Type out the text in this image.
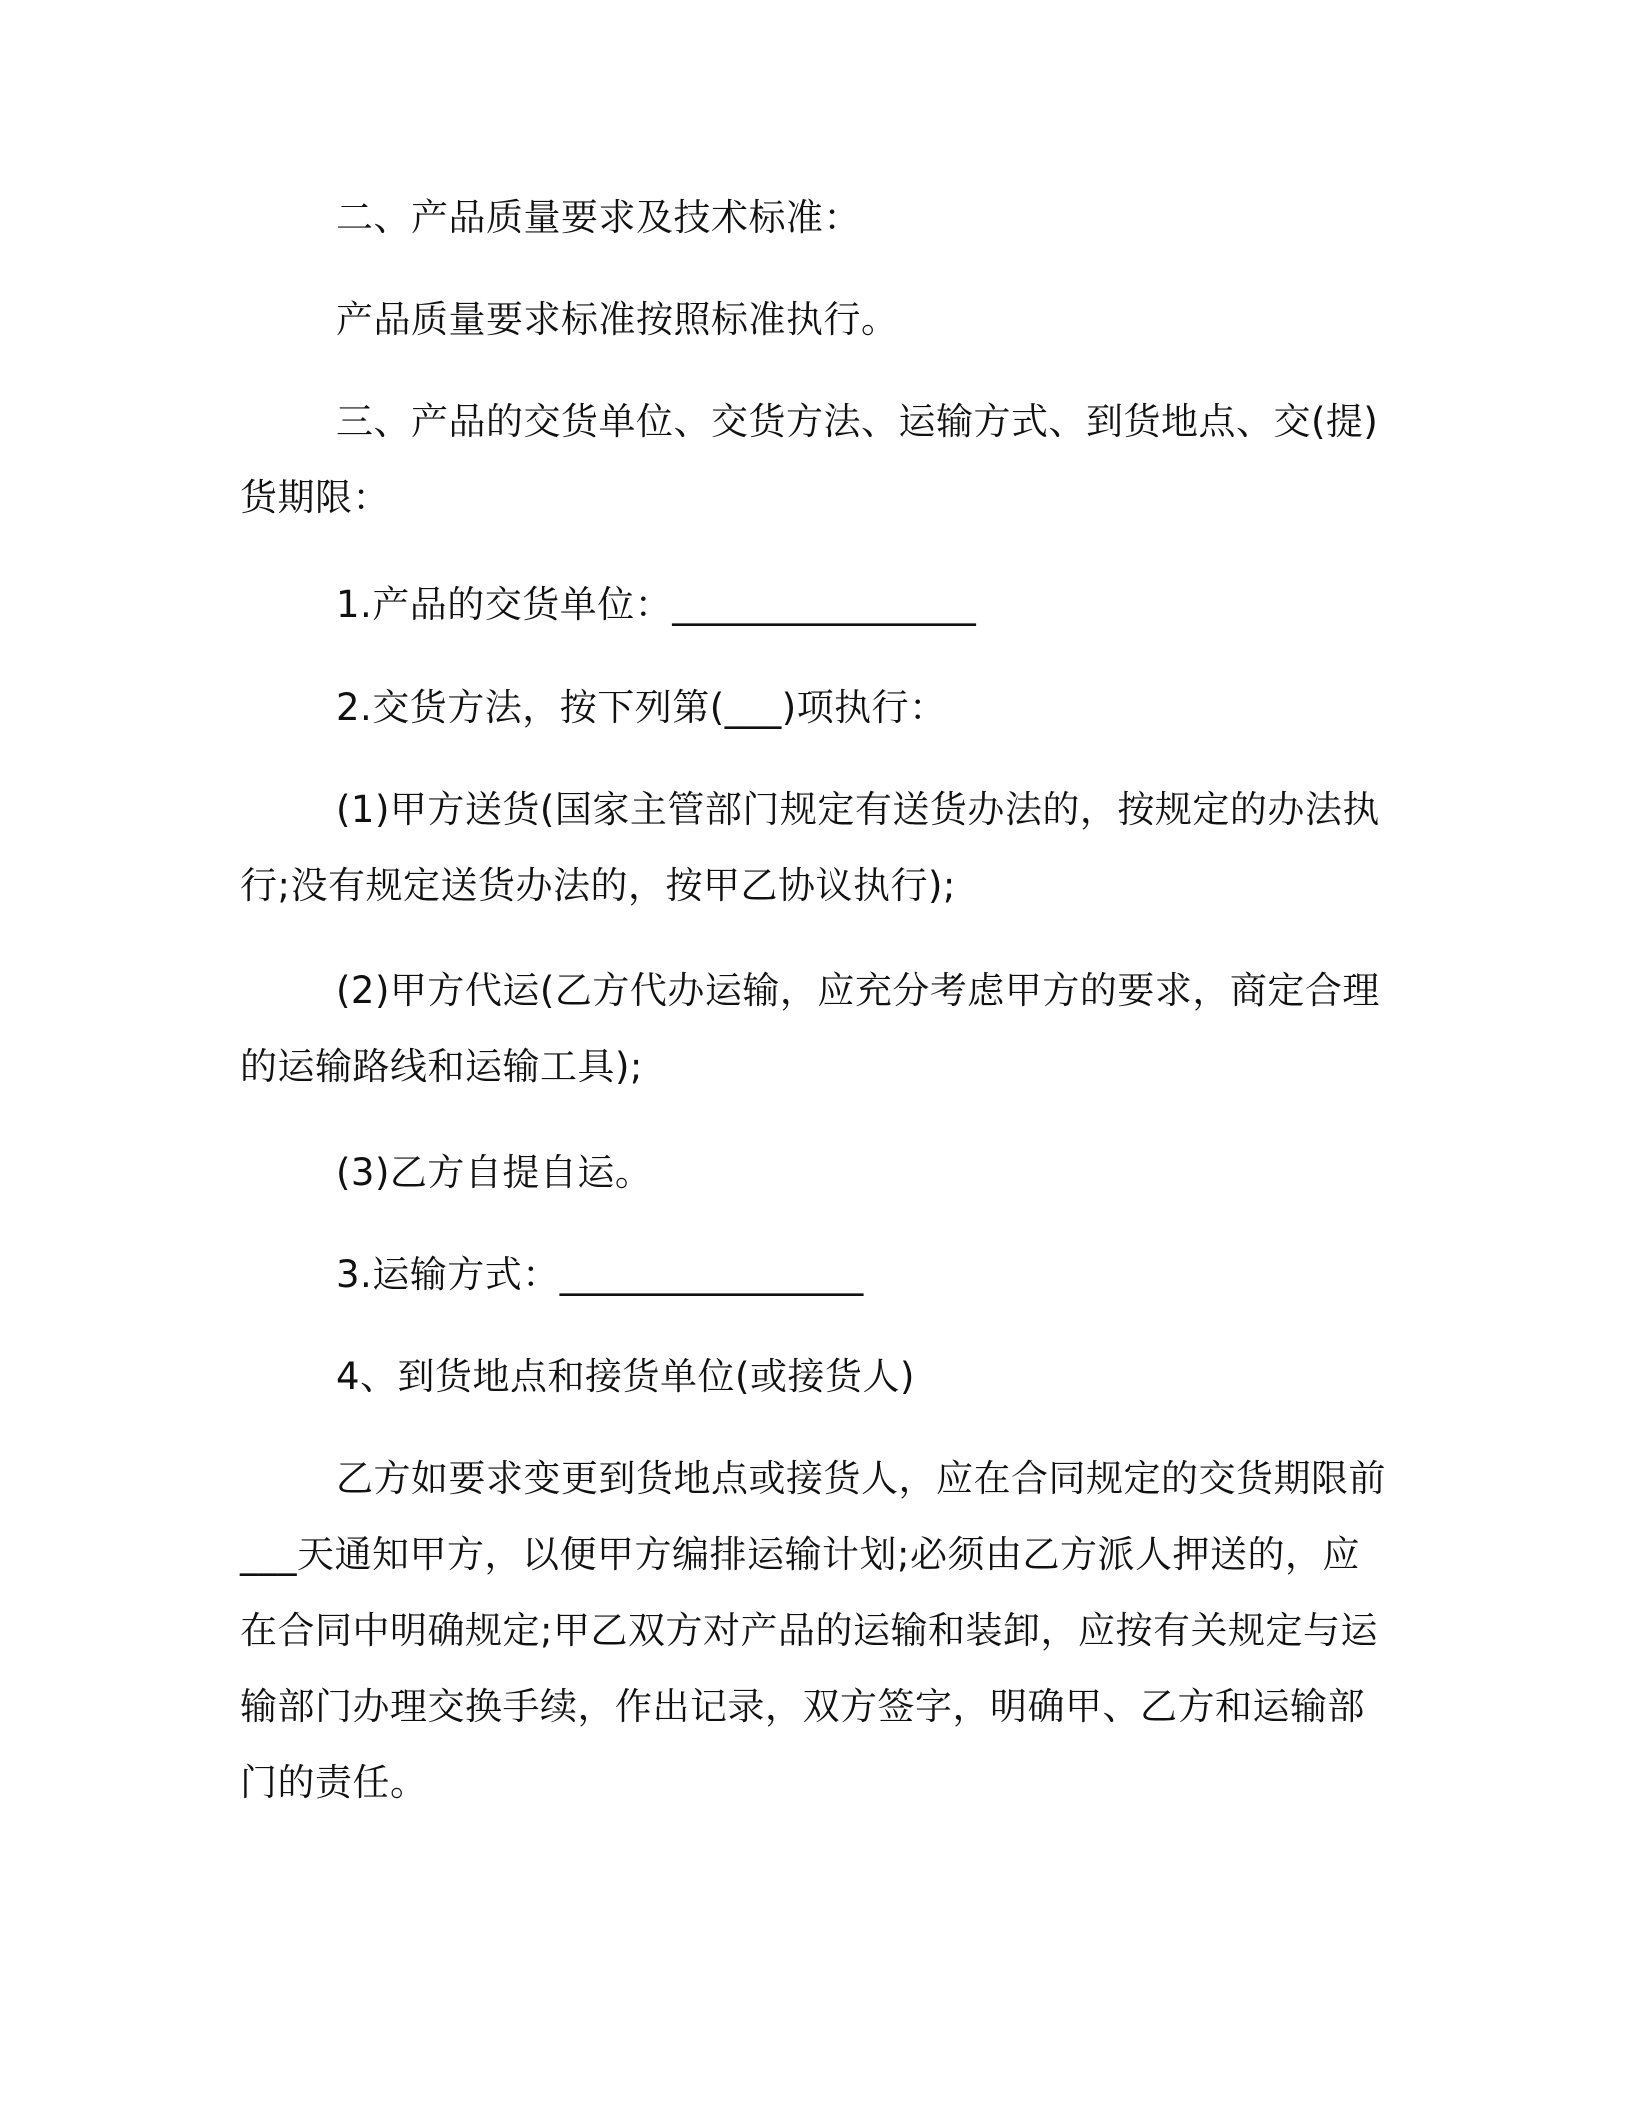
二、产品质量要求及技术标准：
产品质量要求标准按照标准执行。
三、产品的交货单位、交货方法、运输方式、到货地点、交(提)
货期限：
1.产品的交货单位：________________
2.交货方法，按下列第(___)项执行：
(1)甲方送货(国家主管部门规定有送货办法的，按规定的办法执
行;没有规定送货办法的，按甲乙协议执行);
(2)甲方代运(乙方代办运输，应充分考虑甲方的要求，商定合理
的运输路线和运输工具);
(3)乙方自提自运。
3.运输方式：________________
4、到货地点和接货单位(或接货人)
乙方如要求变更到货地点或接货人，应在合同规定的交货期限前
___天通知甲方，以便甲方编排运输计划;必须由乙方派人押送的，应
在合同中明确规定;甲乙双方对产品的运输和装卸，应按有关规定与运
输部门办理交换手续，作出记录，双方签字，明确甲、乙方和运输部
门的责任。
